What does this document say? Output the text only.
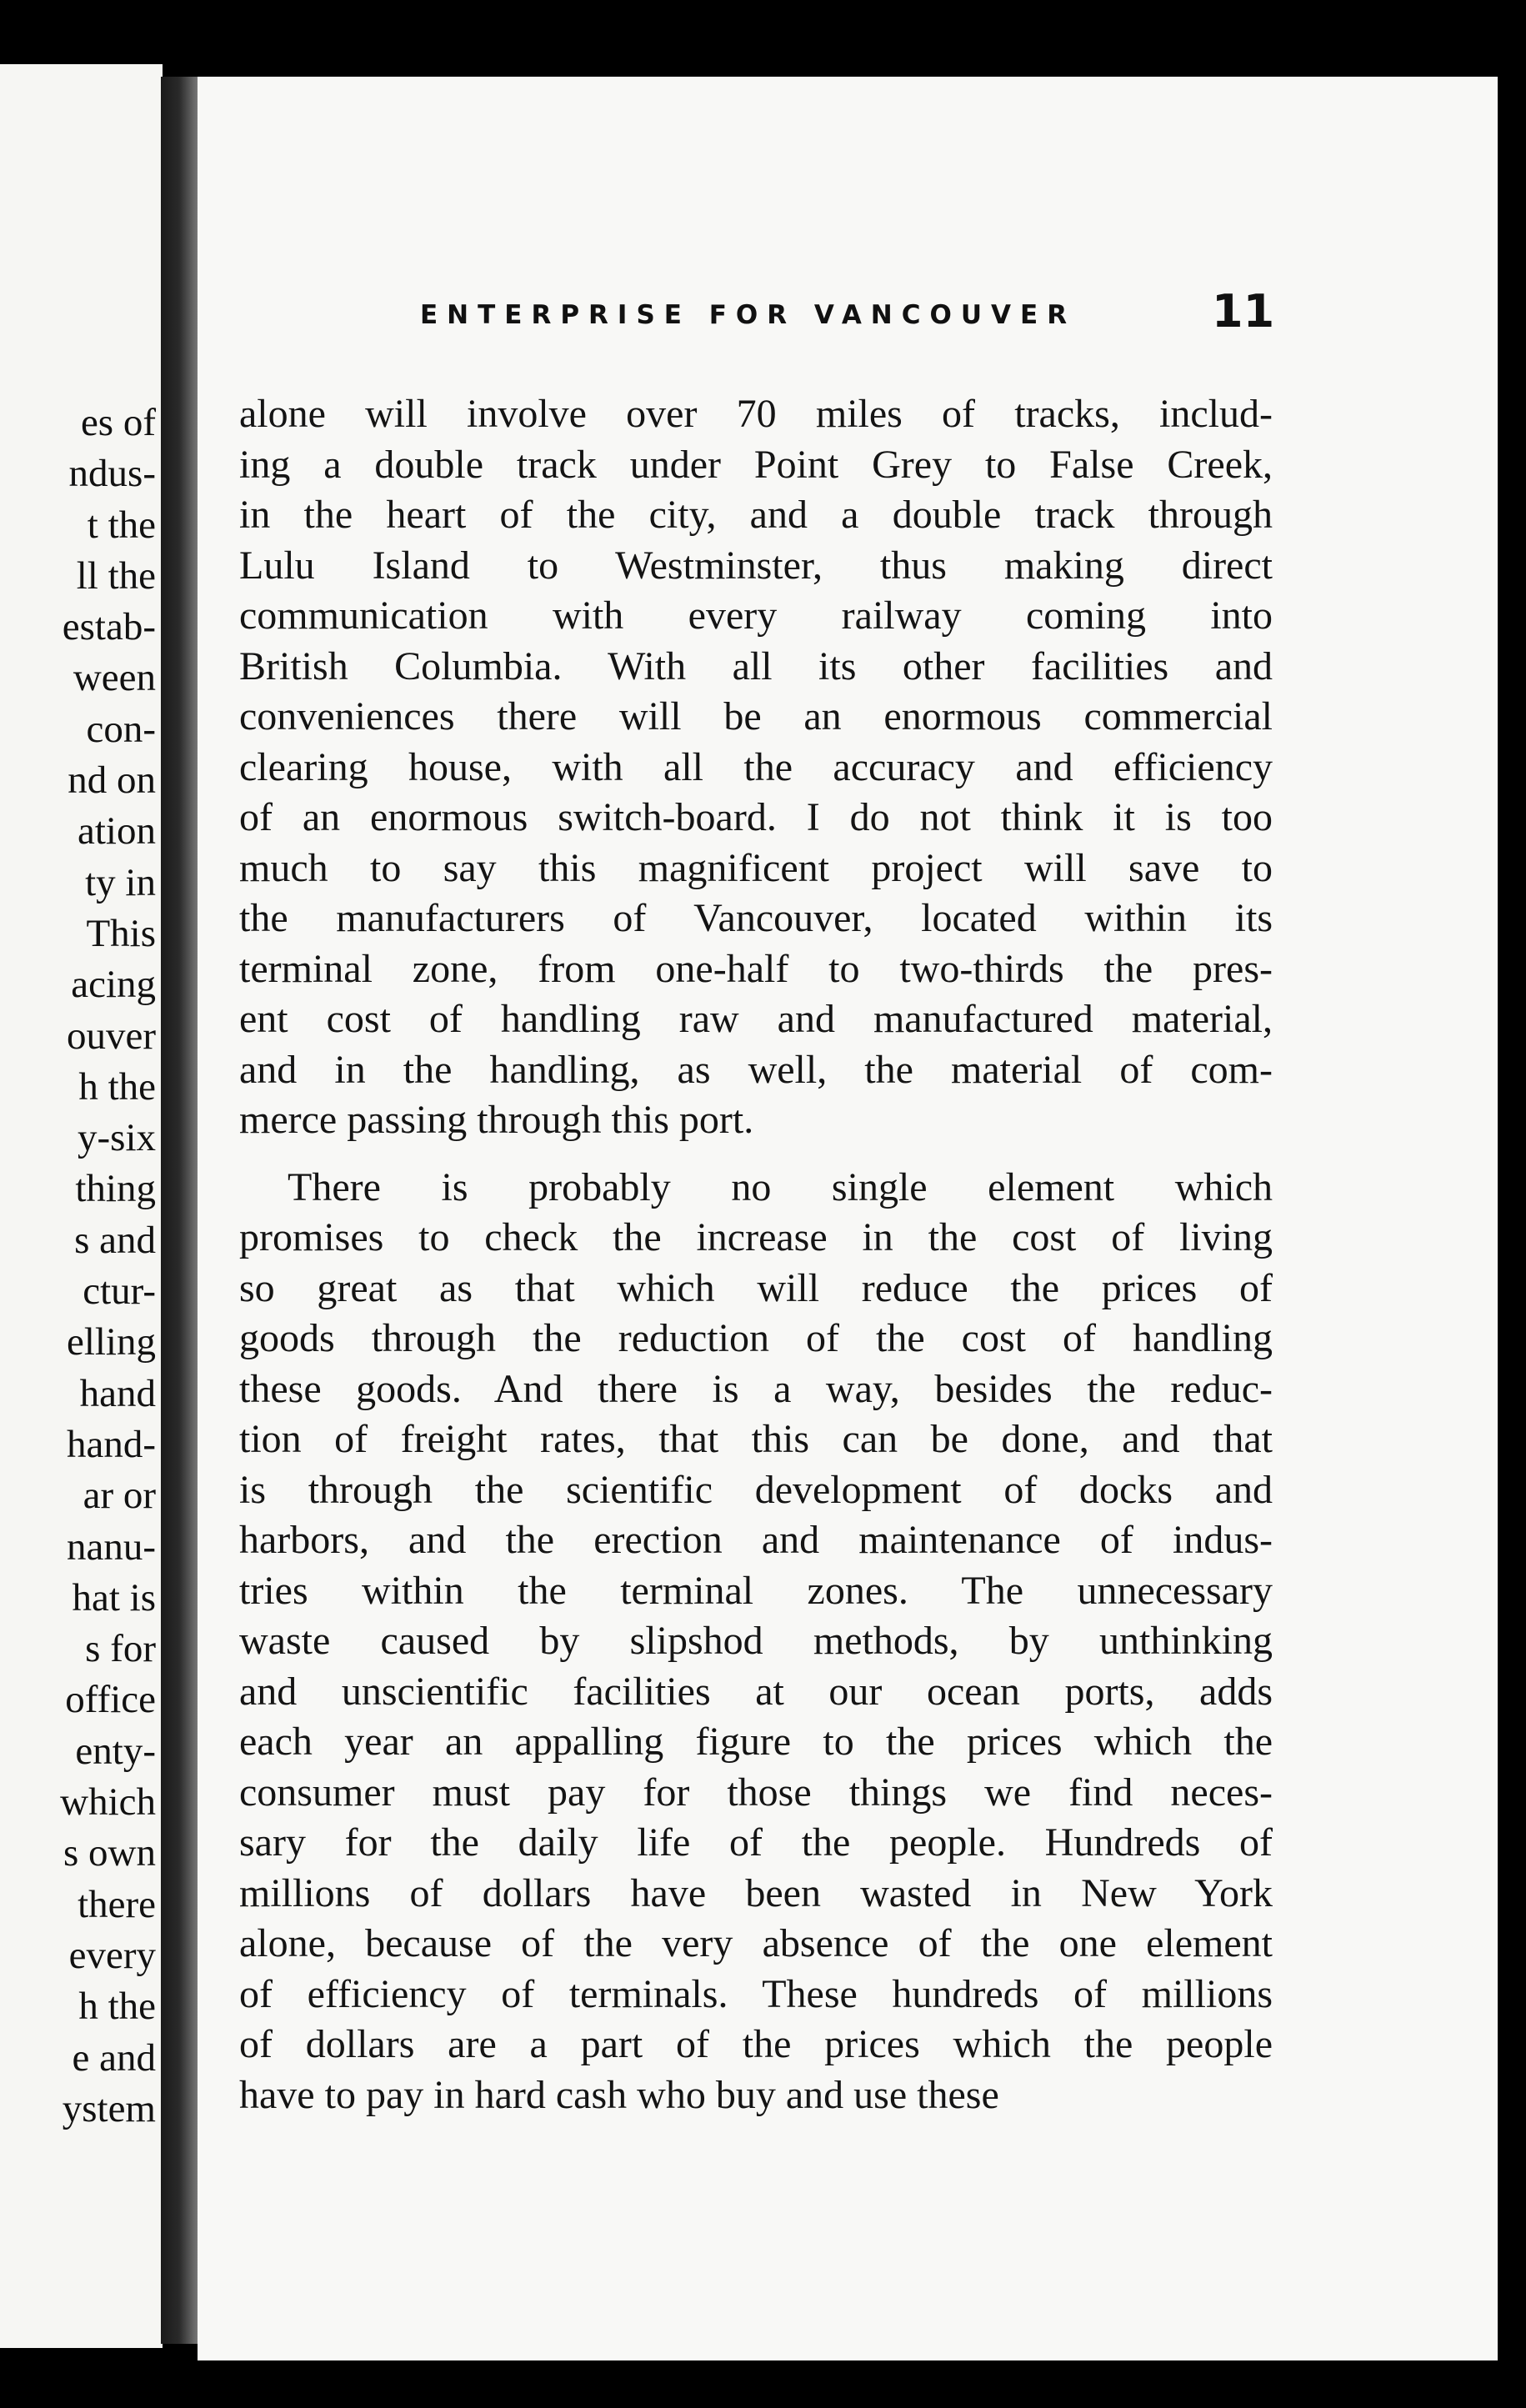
es of
ndus-
t the
ll the
estab-
ween
con-
nd on
ation
ty in
This
acing
ouver
h the
y-six
thing
s and
ctur-
elling
hand
hand-
ar or
nanu-
hat is
s for
office
enty-
which
s own
there
every
h the
e and
ystem
ENTERPRISE FOR VANCOUVER	11
alone will involve over 70 miles of tracks, includ-
ing a double track under Point Grey to False Creek,
in the heart of the city, and a double track through
Lulu Island to Westminster, thus making direct
communication with every railway coming into
British Columbia. With all its other facilities and
conveniences there will be an enormous commercial
clearing house, with all the accuracy and efficiency
of an enormous switch-board. I do not think it is too
much to say this magnificent project will save to
the manufacturers of Vancouver, located within its
terminal zone, from one-half to two-thirds the pres-
ent cost of handling raw and manufactured material,
and in the handling, as well, the material of com-
merce passing through this port.
There is probably no single element which
promises to check the increase in the cost of living
so great as that which will reduce the prices of
goods through the reduction of the cost of handling
these goods. And there is a way, besides the reduc-
tion of freight rates, that this can be done, and that
is through the scientific development of docks and
harbors, and the erection and maintenance of indus-
tries within the terminal zones. The unnecessary
waste caused by slipshod methods, by unthinking
and unscientific facilities at our ocean ports, adds
each year an appalling figure to the prices which the
consumer must pay for those things we find neces-
sary for the daily life of the people. Hundreds of
millions of dollars have been wasted in New York
alone, because of the very absence of the one element
of efficiency of terminals. These hundreds of millions
of dollars are a part of the prices which the people
have to pay in hard cash who buy and use these
